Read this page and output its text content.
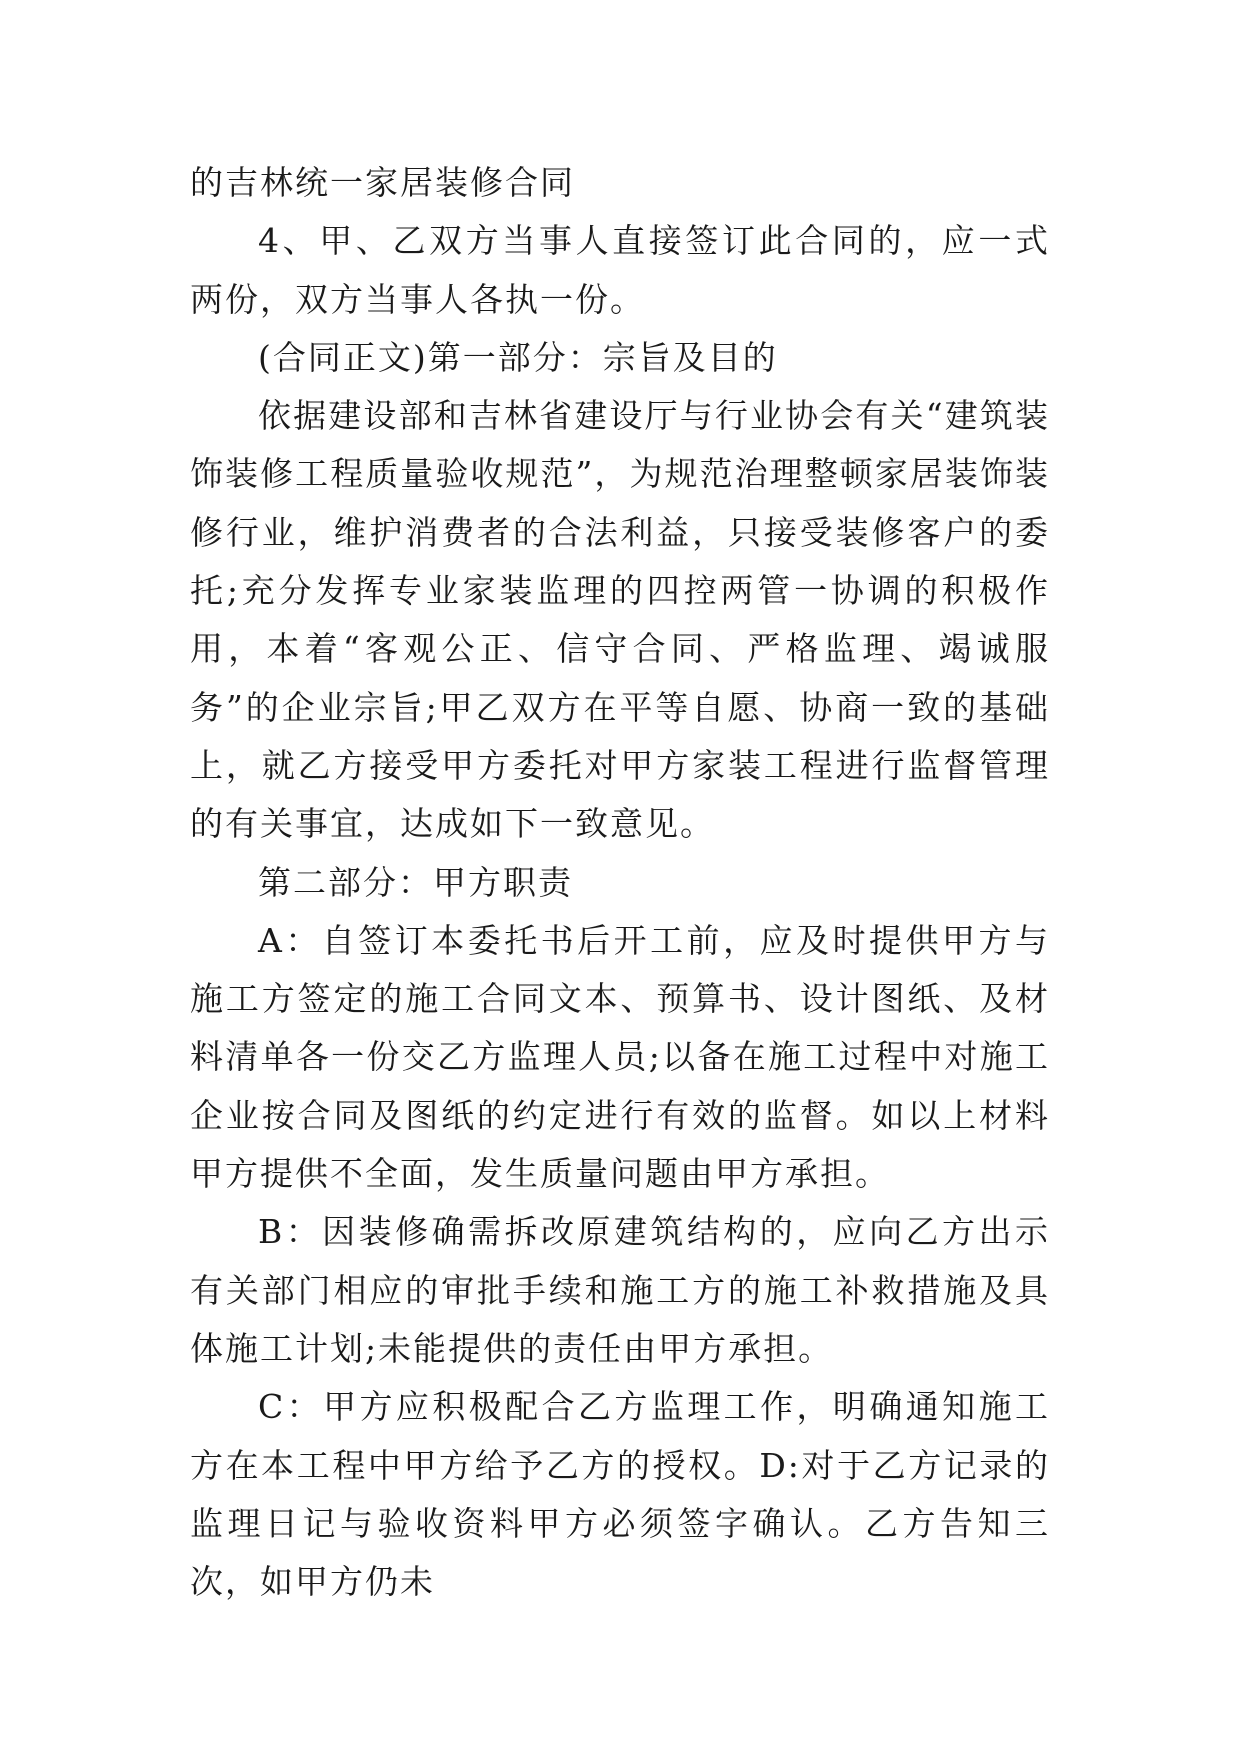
的吉林统一家居装修合同

4、甲、乙双方当事人直接签订此合同的，应一式两份，双方当事人各执一份。

(合同正文)第一部分：宗旨及目的

依据建设部和吉林省建设厅与行业协会有关“建筑装饰装修工程质量验收规范”，为规范治理整顿家居装饰装修行业，维护消费者的合法利益，只接受装修客户的委托;充分发挥专业家装监理的四控两管一协调的积极作用，本着“客观公正、信守合同、严格监理、竭诚服务”的企业宗旨;甲乙双方在平等自愿、协商一致的基础上，就乙方接受甲方委托对甲方家装工程进行监督管理的有关事宜，达成如下一致意见。

第二部分：甲方职责

A：自签订本委托书后开工前，应及时提供甲方与施工方签定的施工合同文本、预算书、设计图纸、及材料清单各一份交乙方监理人员;以备在施工过程中对施工企业按合同及图纸的约定进行有效的监督。如以上材料甲方提供不全面，发生质量问题由甲方承担。

B：因装修确需拆改原建筑结构的，应向乙方出示有关部门相应的审批手续和施工方的施工补救措施及具体施工计划;未能提供的责任由甲方承担。

C：甲方应积极配合乙方监理工作，明确通知施工方在本工程中甲方给予乙方的授权。D:对于乙方记录的监理日记与验收资料甲方必须签字确认。乙方告知三次，如甲方仍未
